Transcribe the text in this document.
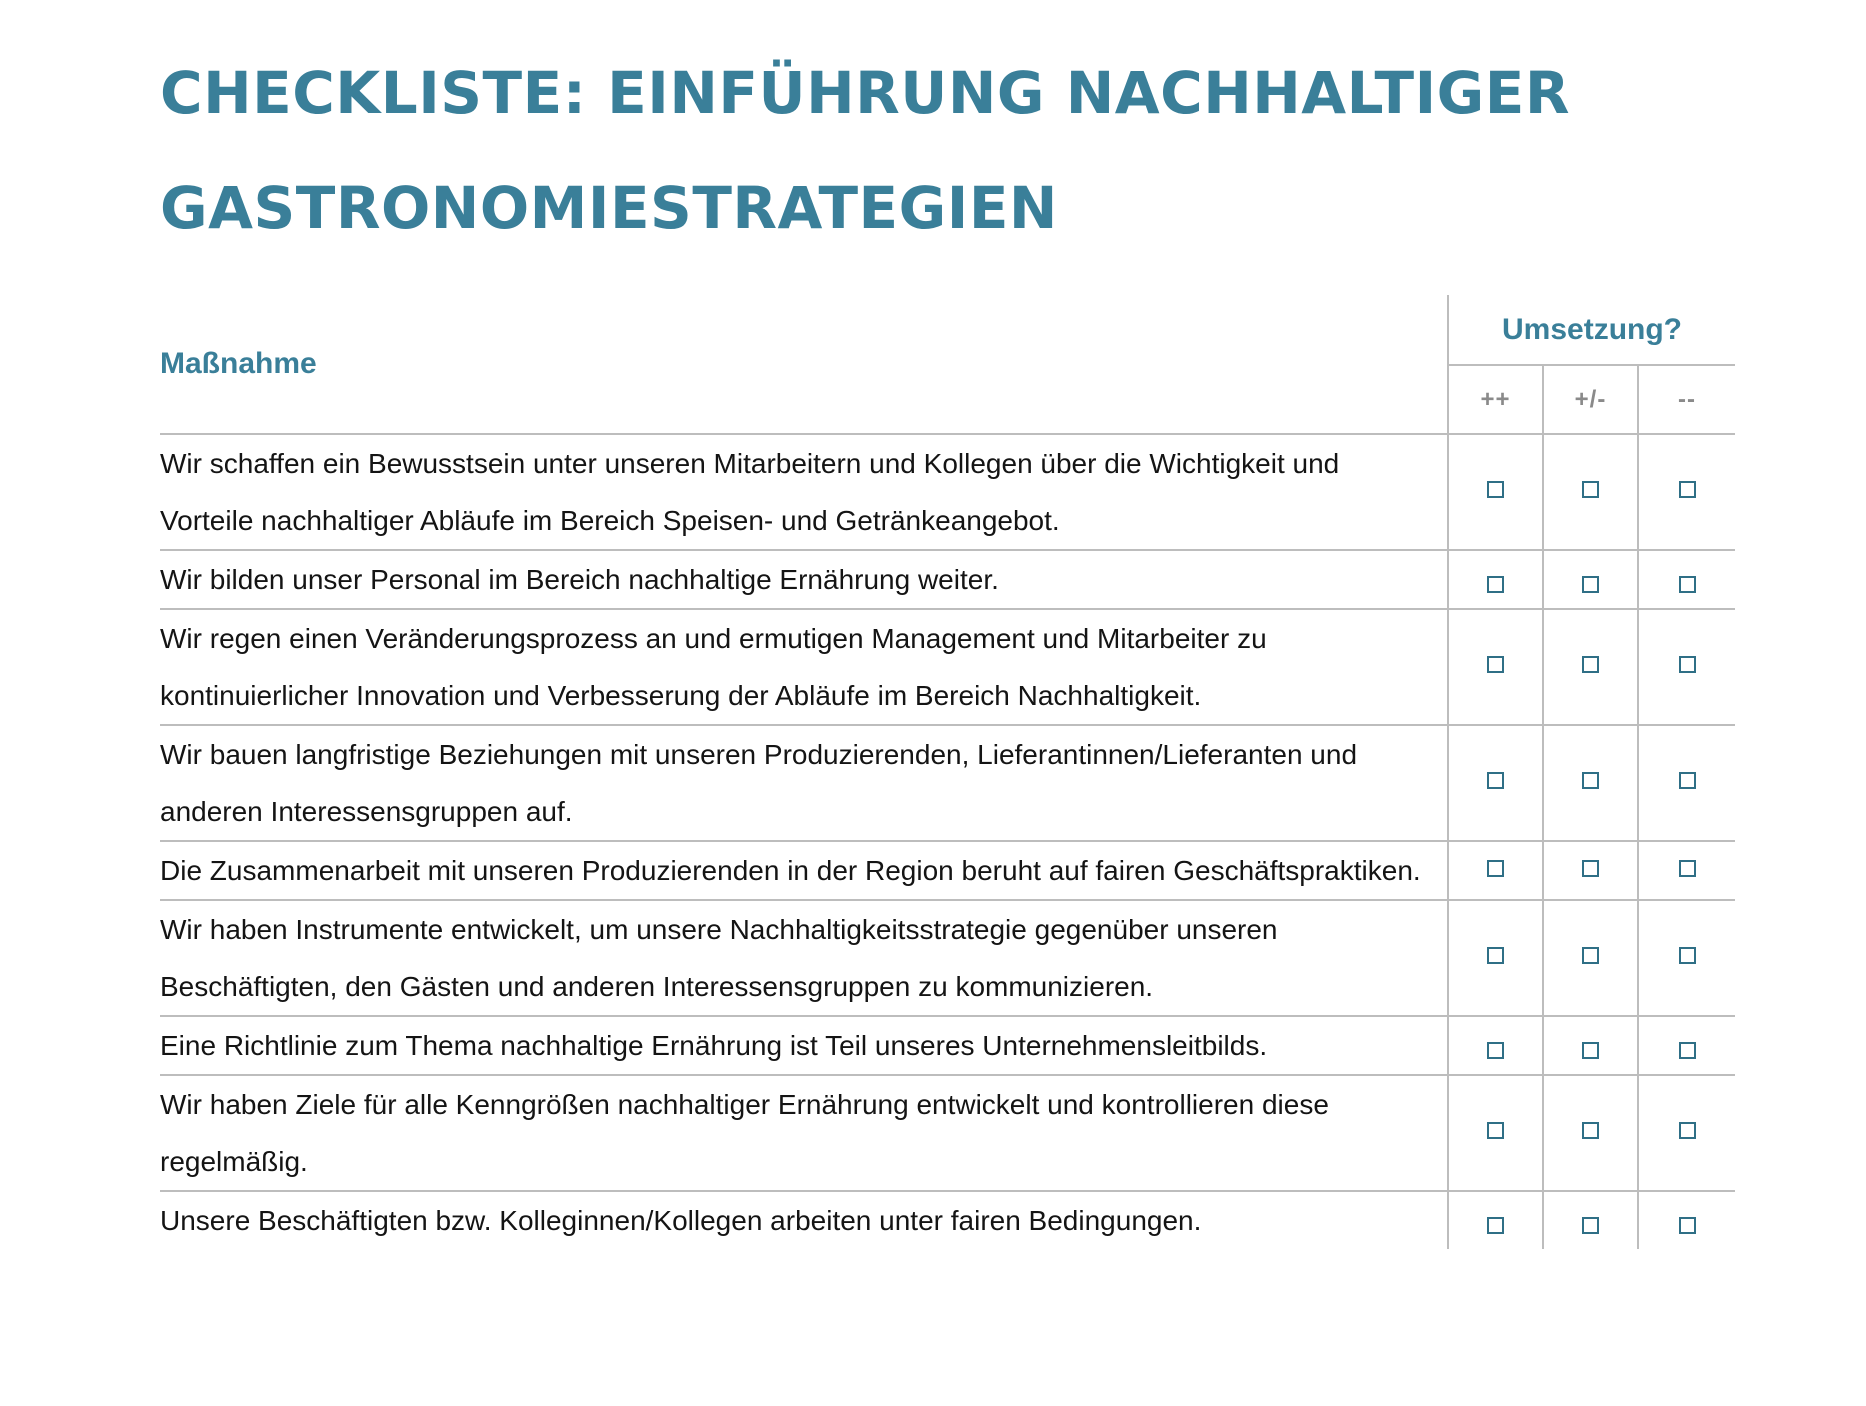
CHECKLISTE: EINFÜHRUNG NACHHALTIGER GASTRONOMIESTRATEGIEN
Maßnahme	Umsetzung?		
	++	+/-	--
Wir schaffen ein Bewusstsein unter unseren Mitarbeitern und Kollegen über die Wichtigkeit und Vorteile nachhaltiger Abläufe im Bereich Speisen- und Getränkeangebot.			
Wir bilden unser Personal im Bereich nachhaltige Ernährung weiter.			
Wir regen einen Veränderungsprozess an und ermutigen Management und Mitarbeiter zu kontinuierlicher Innovation und Verbesserung der Abläufe im Bereich Nachhaltigkeit.			
Wir bauen langfristige Beziehungen mit unseren Produzierenden, Lieferantinnen/Lieferanten und anderen Interessensgruppen auf.			
Die Zusammenarbeit mit unseren Produzierenden in der Region beruht auf fairen Geschäftspraktiken.			
Wir haben Instrumente entwickelt, um unsere Nachhaltigkeitsstrategie gegenüber unseren Beschäftigten, den Gästen und anderen Interessensgruppen zu kommunizieren.			
Eine Richtlinie zum Thema nachhaltige Ernährung ist Teil unseres Unternehmensleitbilds.			
Wir haben Ziele für alle Kenngrößen nachhaltiger Ernährung entwickelt und kontrollieren diese regelmäßig.			
Unsere Beschäftigten bzw. Kolleginnen/Kollegen arbeiten unter fairen Bedingungen.			
